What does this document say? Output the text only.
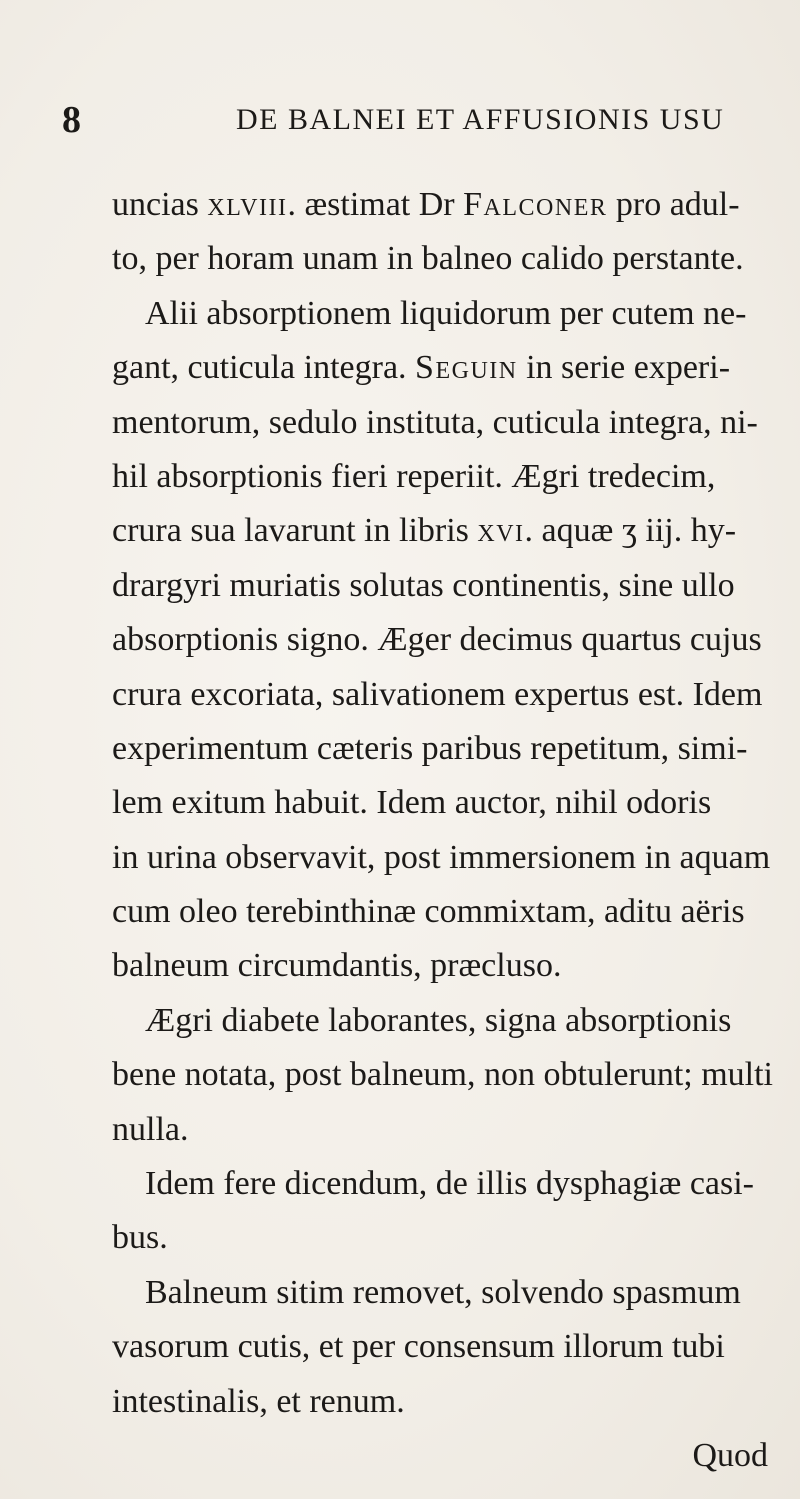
8	DE BALNEI ET AFFUSIONIS USU
uncias xlviii. æstimat Dr Falconer pro adul-
to, per horam unam in balneo calido perstante.
Alii absorptionem liquidorum per cutem ne-
gant, cuticula integra. Seguin in serie experi-
mentorum, sedulo instituta, cuticula integra, ni-
hil absorptionis fieri reperiit. Ægri tredecim,
crura sua lavarunt in libris xvi. aquæ ʒ iij. hy-
drargyri muriatis solutas continentis, sine ullo
absorptionis signo. Æger decimus quartus cujus
crura excoriata, salivationem expertus est. Idem
experimentum cæteris paribus repetitum, simi-
lem exitum habuit. Idem auctor, nihil odoris
in urina observavit, post immersionem in aquam
cum oleo terebinthinæ commixtam, aditu aëris
balneum circumdantis, præcluso.
Ægri diabete laborantes, signa absorptionis
bene notata, post balneum, non obtulerunt; multi
nulla.
Idem fere dicendum, de illis dysphagiæ casi-
bus.
Balneum sitim removet, solvendo spasmum
vasorum cutis, et per consensum illorum tubi
intestinalis, et renum.
Quod
